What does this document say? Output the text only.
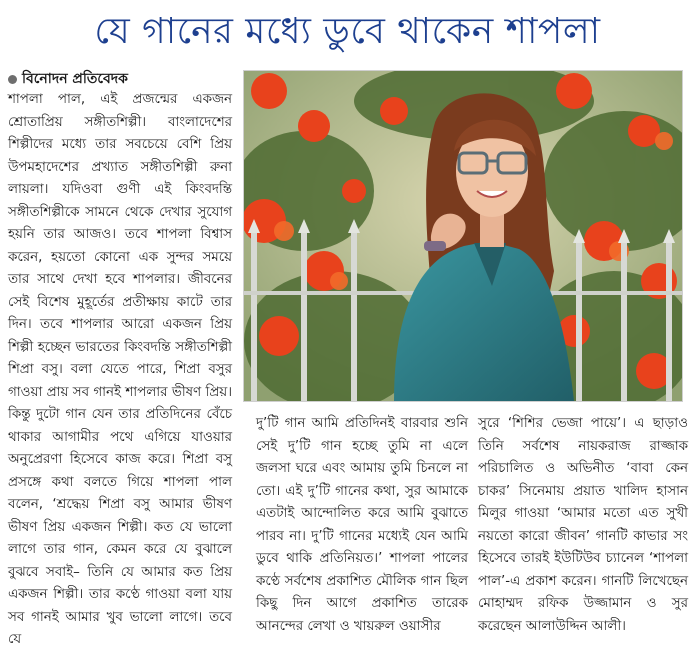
যে গানের মধ্যে ডুবে থাকেন শাপলা
বিনোদন প্রতিবেদক

শাপলা পাল, এই প্রজন্মের একজন শ্রোতাপ্রিয় সঙ্গীতশিল্পী। বাংলাদেশের শিল্পীদের মধ্যে তার সবচেয়ে বেশি প্রিয় উপমহাদেশের প্রখ্যাত সঙ্গীতশিল্পী রুনা লায়লা। যদিওবা গুণী এই কিংবদন্তি সঙ্গীতশিল্পীকে সামনে থেকে দেখার সুযোগ হয়নি তার আজও। তবে শাপলা বিশ্বাস করেন, হয়তো কোনো এক সুন্দর সময়ে তার সাথে দেখা হবে শাপলার। জীবনের সেই বিশেষ মুহূর্তের প্রতীক্ষায় কাটে তার দিন। তবে শাপলার আরো একজন প্রিয় শিল্পী হচ্ছেন ভারতের কিংবদন্তি সঙ্গীতশিল্পী শিপ্রা বসু। বলা যেতে পারে, শিপ্রা বসুর গাওয়া প্রায় সব গানই শাপলার ভীষণ প্রিয়। কিন্তু দুটো গান যেন তার প্রতিদিনের বেঁচে থাকার আগামীর পথে এগিয়ে যাওয়ার অনুপ্রেরণা হিসেবে কাজ করে। শিপ্রা বসু প্রসঙ্গে কথা বলতে গিয়ে শাপলা পাল বলেন, ‘শ্রদ্ধেয় শিপ্রা বসু আমার ভীষণ ভীষণ প্রিয় একজন শিল্পী। কত যে ভালো লাগে তার গান, কেমন করে যে বুঝালে বুঝবে সবাই– তিনি যে আমার কত প্রিয় একজন শিল্পী। তার কণ্ঠে গাওয়া বলা যায় সব গানই আমার খুব ভালো লাগে। তবে যে

দু’টি গান আমি প্রতিদিনই বারবার শুনি সেই দু’টি গান হচ্ছে তুমি না এলে জলসা ঘরে এবং আমায় তুমি চিনলে না তো। এই দু’টি গানের কথা, সুর আমাকে এতটাই আন্দোলিত করে আমি বুঝাতে পারব না। দু’টি গানের মধ্যেই যেন আমি ডুবে থাকি প্রতিনিয়ত।’ শাপলা পালের কণ্ঠে সর্বশেষ প্রকাশিত মৌলিক গান ছিল কিছু দিন আগে প্রকাশিত তারেক আনন্দের লেখা ও খায়রুল ওয়াসীর

সুরে ‘শিশির ভেজা পায়ে’। এ ছাড়াও তিনি সর্বশেষ নায়করাজ রাজ্জাক পরিচালিত ও অভিনীত ‘বাবা কেন চাকর’ সিনেমায় প্রয়াত খালিদ হাসান মিলুর গাওয়া ‘আমার মতো এত সুখী নয়তো কারো জীবন’ গানটি কাভার সং হিসেবে তারই ইউটিউব চ্যানেল ‘শাপলা পাল’-এ প্রকাশ করেন। গানটি লিখেছেন মোহাম্মদ রফিক উজ্জামান ও সুর করেছেন আলাউদ্দিন আলী।
